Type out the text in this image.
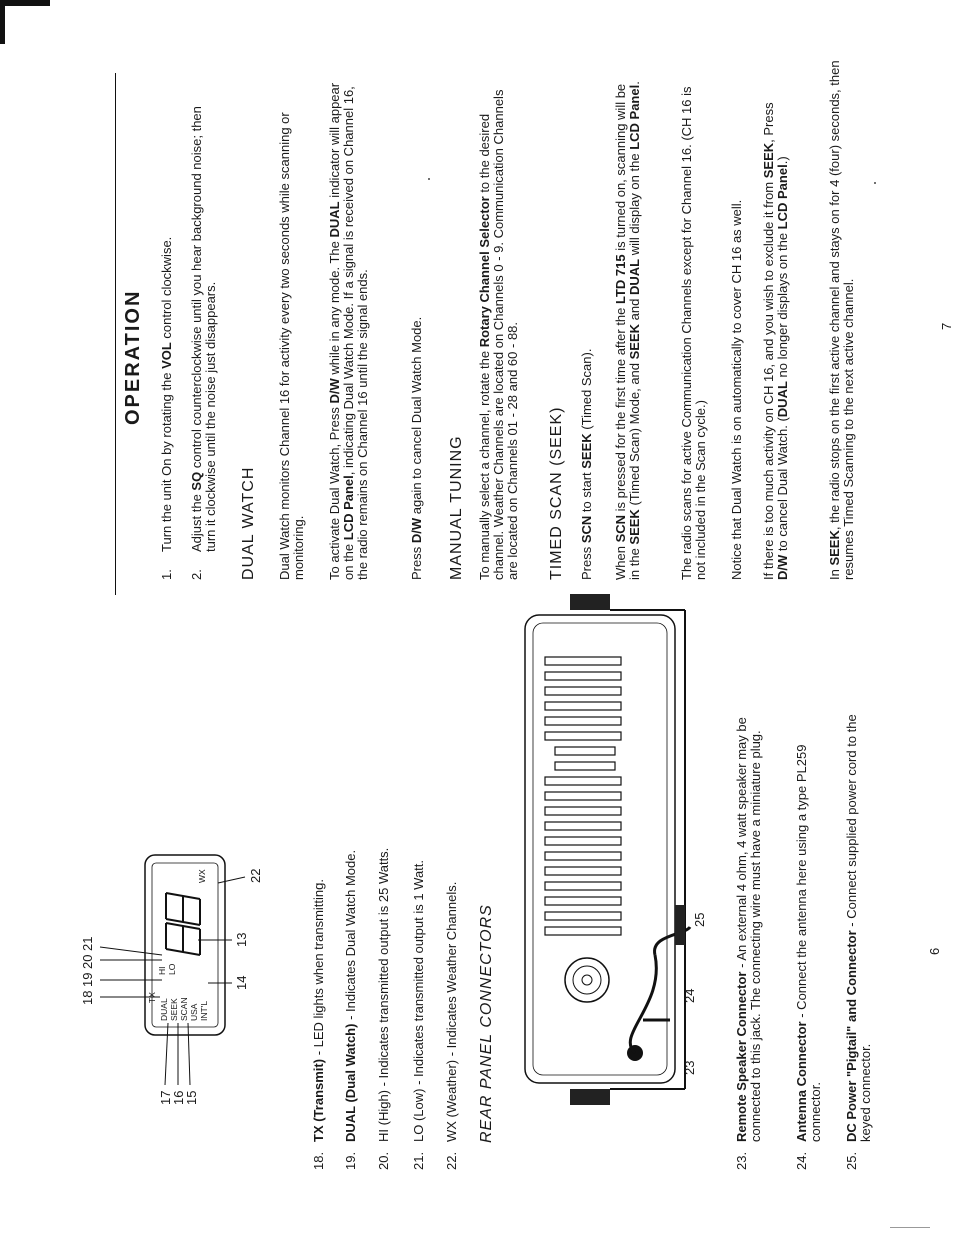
18
19
20
21
17
16
15
14
13
22
TX
DUAL SEEK SCAN USA INT'L
HI LO
WX
18.
TX (Transmit) - LED lights when transmitting.
19.
DUAL (Dual Watch) - Indicates Dual Watch Mode.
20.
HI (High) - Indicates transmitted output is 25 Watts.
21.
LO (Low) - Indicates transmitted output is 1 Watt.
22.
WX (Weather) - Indicates Weather Channels. REAR PANEL CONNECTORS	23
24
25
23.
Remote Speaker Connector - An external 4 ohm, 4 watt speaker may be connected to this jack. The connecting wire must have a miniature plug.
24.
Antenna Connector - Connect the antenna here using a type PL259 connector.
25.
DC Power "Pigtail" and Connector - Connect supplied power cord to the keyed connector.
6
OPERATION
1.
Turn the unit On by rotating the VOL control clockwise.
2.
Adjust the SQ control counterclockwise until you hear background noise; then turn it clockwise until the noise just disappears. DUAL WATCH Dual Watch monitors Channel 16 for activity every two seconds while scanning or monitoring. To activate Dual Watch, Press D/W while in any mode. The DUAL indicator will appear on the LCD Panel, indicating Dual Watch Mode. If a signal is received on Channel 16, the radio remains on Channel 16 until the signal ends.	Press D/W again to cancel Dual Watch Mode. MANUAL TUNING To manually select a channel, rotate the Rotary Channel Selector to the desired channel. Weather Channels are located on Channels 0 - 9. Communication Channels are located on Channels 01 - 28 and 60 - 88. TIMED SCAN (SEEK) Press SCN to start SEEK (Timed Scan).
When SCN is pressed for the first time after the LTD 715 is turned on, scanning will be in the SEEK (Timed Scan) Mode, and SEEK and DUAL will display on the LCD Panel.
The radio scans for active Communication Channels except for Channel 16. (CH 16 is not included in the Scan cycle.) Notice that Dual Watch is on automatically to cover CH 16 as well. If there is too much activity on CH 16, and you wish to exclude it from SEEK, Press D/W to cancel Dual Watch. (DUAL no longer displays on the LCD Panel.)
In SEEK, the radio stops on the first active channel and stays on for 4 (four) seconds, then resumes Timed Scanning to the next active channel.	7
